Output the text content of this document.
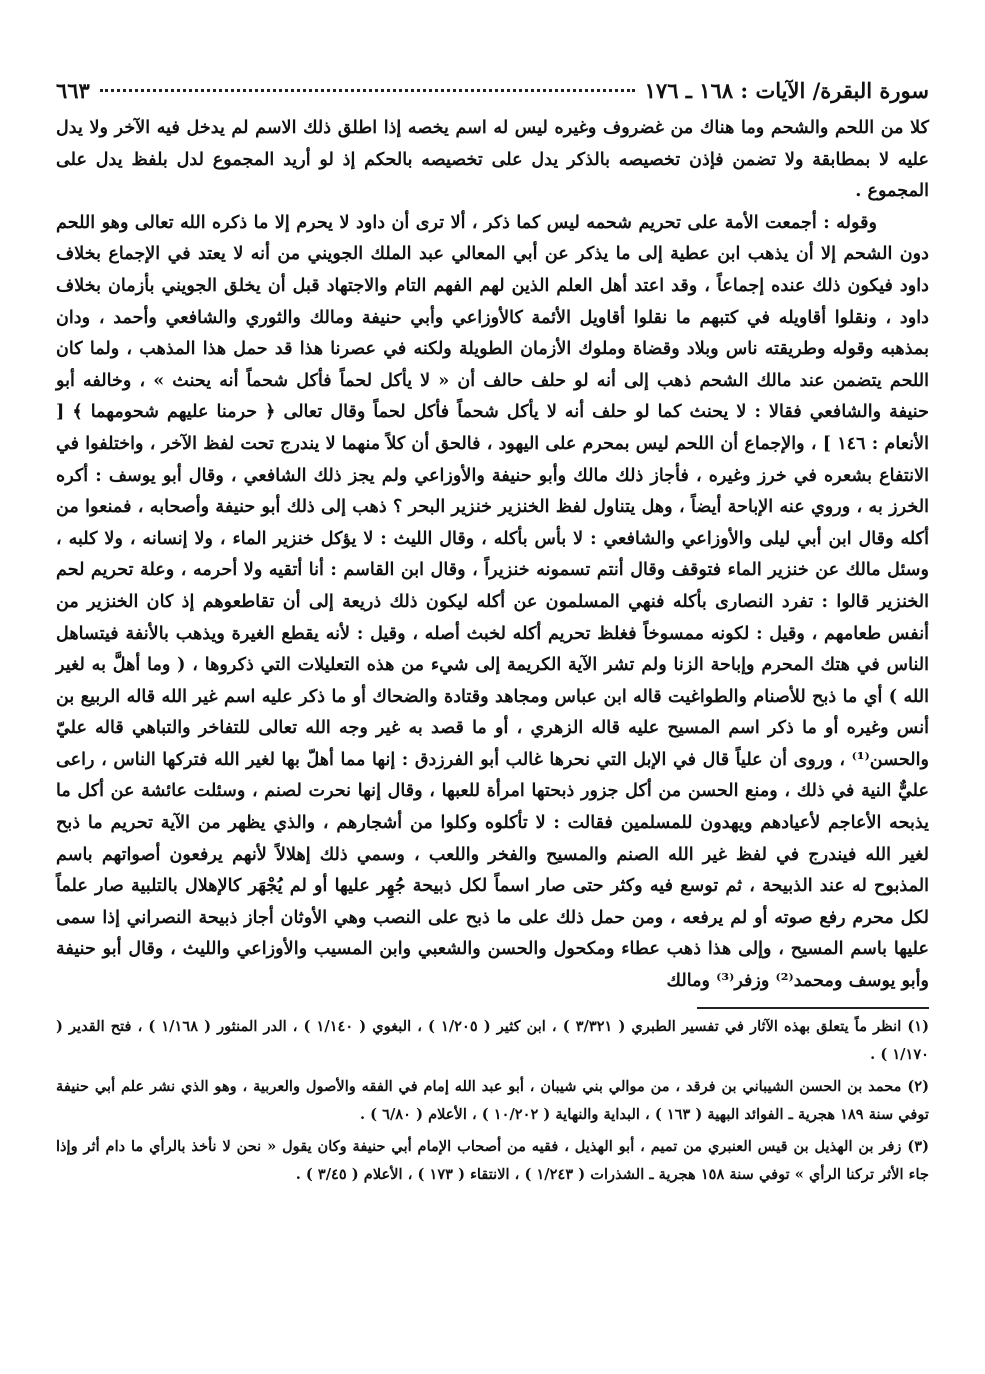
سورة البقرة/ الآيات : ١٦٨ ـ ١٧٦
٦٦٣

كلا من اللحم والشحم وما هناك من غضروف وغيره ليس له اسم يخصه إذا اطلق ذلك الاسم لم يدخل فيه الآخر ولا يدل عليه لا بمطابقة ولا تضمن فإذن تخصيصه بالذكر يدل على تخصيصه بالحكم إذ لو أريد المجموع لدل بلفظ يدل على المجموع .

وقوله : أجمعت الأمة على تحريم شحمه ليس كما ذكر ، ألا ترى أن داود لا يحرم إلا ما ذكره الله تعالى وهو اللحم دون الشحم إلا أن يذهب ابن عطية إلى ما يذكر عن أبي المعالي عبد الملك الجويني من أنه لا يعتد في الإجماع بخلاف داود فيكون ذلك عنده إجماعاً ، وقد اعتد أهل العلم الذين لهم الفهم التام والاجتهاد قبل أن يخلق الجويني بأزمان بخلاف داود ، ونقلوا أقاويله في كتبهم ما نقلوا أقاويل الأئمة كالأوزاعي وأبي حنيفة ومالك والثوري والشافعي وأحمد ، ودان بمذهبه وقوله وطريقته ناس وبلاد وقضاة وملوك الأزمان الطويلة ولكنه في عصرنا هذا قد حمل هذا المذهب ، ولما كان اللحم يتضمن عند مالك الشحم ذهب إلى أنه لو حلف حالف أن « لا يأكل لحماً فأكل شحماً أنه يحنث » ، وخالفه أبو حنيفة والشافعي فقالا : لا يحنث كما لو حلف أنه لا يأكل شحماً فأكل لحماً وقال تعالى ﴿ حرمنا عليهم شحومهما ﴾ [ الأنعام : ١٤٦ ] ، والإجماع أن اللحم ليس بمحرم على اليهود ، فالحق أن كلاً منهما لا يندرج تحت لفظ الآخر ، واختلفوا في الانتفاع بشعره في خرز وغيره ، فأجاز ذلك مالك وأبو حنيفة والأوزاعي ولم يجز ذلك الشافعي ، وقال أبو يوسف : أكره الخرز به ، وروي عنه الإباحة أيضاً ، وهل يتناول لفظ الخنزير خنزير البحر ؟ ذهب إلى ذلك أبو حنيفة وأصحابه ، فمنعوا من أكله وقال ابن أبي ليلى والأوزاعي والشافعي : لا بأس بأكله ، وقال الليث : لا يؤكل خنزير الماء ، ولا إنسانه ، ولا كلبه ، وسئل مالك عن خنزير الماء فتوقف وقال أنتم تسمونه خنزيراً ، وقال ابن القاسم : أنا أتقيه ولا أحرمه ، وعلة تحريم لحم الخنزير قالوا : تفرد النصارى بأكله فنهي المسلمون عن أكله ليكون ذلك ذريعة إلى أن تقاطعوهم إذ كان الخنزير من أنفس طعامهم ، وقيل : لكونه ممسوخاً فغلظ تحريم أكله لخبث أصله ، وقيل : لأنه يقطع الغيرة ويذهب بالأنفة فيتساهل الناس في هتك المحرم وإباحة الزنا ولم تشر الآية الكريمة إلى شيء من هذه التعليلات التي ذكروها ، ( وما أهلَّ به لغير الله ) أي ما ذبح للأصنام والطواغيت قاله ابن عباس ومجاهد وقتادة والضحاك أو ما ذكر عليه اسم غير الله قاله الربيع بن أنس وغيره أو ما ذكر اسم المسيح عليه قاله الزهري ، أو ما قصد به غير وجه الله تعالى للتفاخر والتباهي قاله عليّ والحسن⁽¹⁾ ، وروى أن علياً قال في الإبل التي نحرها غالب أبو الفرزدق : إنها مما أهلّ بها لغير الله فتركها الناس ، راعى عليٌّ النية في ذلك ، ومنع الحسن من أكل جزور ذبحتها امرأة للعبها ، وقال إنها نحرت لصنم ، وسئلت عائشة عن أكل ما يذبحه الأعاجم لأعيادهم ويهدون للمسلمين فقالت : لا تأكلوه وكلوا من أشجارهم ، والذي يظهر من الآية تحريم ما ذبح لغير الله فيندرج في لفظ غير الله الصنم والمسيح والفخر واللعب ، وسمي ذلك إهلالاً لأنهم يرفعون أصواتهم باسم المذبوح له عند الذبيحة ، ثم توسع فيه وكثر حتى صار اسماً لكل ذبيحة جُهِر عليها أو لم يُجْهَر كالإهلال بالتلبية صار علماً لكل محرم رفع صوته أو لم يرفعه ، ومن حمل ذلك على ما ذبح على النصب وهي الأوثان أجاز ذبيحة النصراني إذا سمى عليها باسم المسيح ، وإلى هذا ذهب عطاء ومكحول والحسن والشعبي وابن المسيب والأوزاعي والليث ، وقال أبو حنيفة وأبو يوسف ومحمد⁽²⁾ وزفر⁽³⁾ ومالك

(١) انظر ماً يتعلق بهذه الآثار في تفسير الطبري ( ٣/٣٢١ ) ، ابن كثير ( ١/٢٠٥ ) ، البغوي ( ١/١٤٠ ) ، الدر المنثور ( ١/١٦٨ ) ، فتح القدير ( ١/١٧٠ ) .

(٢) محمد بن الحسن الشيباني بن فرقد ، من موالي بني شيبان ، أبو عبد الله إمام في الفقه والأصول والعربية ، وهو الذي نشر علم أبي حنيفة توفي سنة ١٨٩ هجرية ـ الفوائد البهية ( ١٦٣ ) ، البداية والنهاية ( ١٠/٢٠٢ ) ، الأعلام ( ٦/٨٠ ) .

(٣) زفر بن الهذيل بن قيس العنبري من تميم ، أبو الهذيل ، فقيه من أصحاب الإمام أبي حنيفة وكان يقول « نحن لا نأخذ بالرأي ما دام أثر وإذا جاء الأثر تركنا الرأي » توفي سنة ١٥٨ هجرية ـ الشذرات ( ١/٢٤٣ ) ، الانتقاء ( ١٧٣ ) ، الأعلام ( ٣/٤٥ ) .
